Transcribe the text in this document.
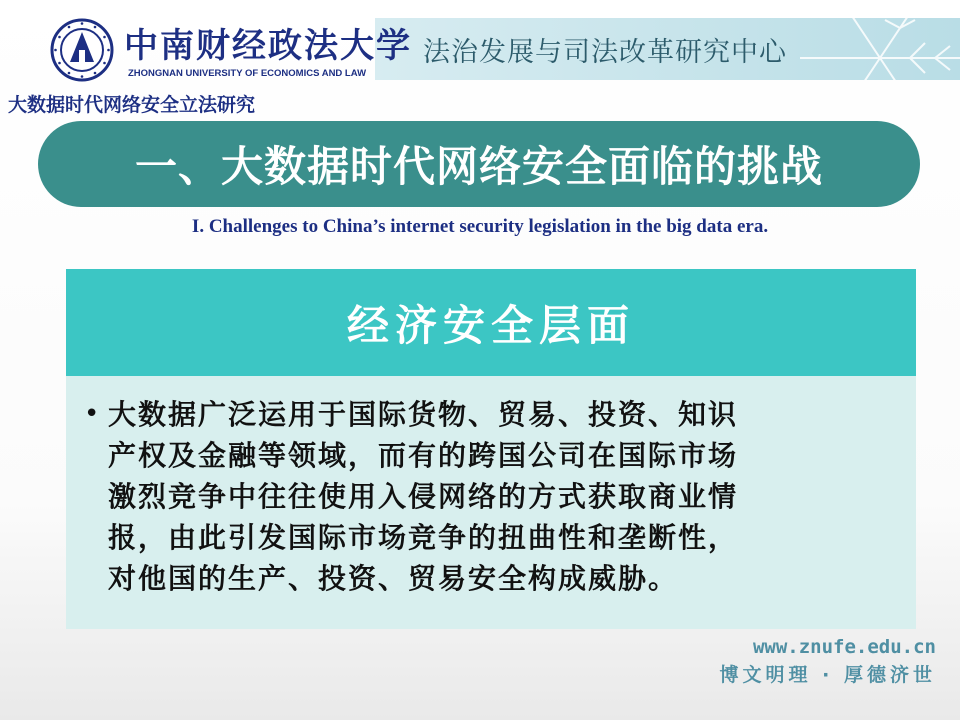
法治发展与司法改革研究中心
中南财经政法大学
ZHONGNAN UNIVERSITY OF ECONOMICS AND LAW
大数据时代网络安全立法研究
一、大数据时代网络安全面临的挑战
I. Challenges to China’s internet security legislation in the big data era.
经济安全层面
• 大数据广泛运用于国际货物、贸易、投资、知识
产权及金融等领域，而有的跨国公司在国际市场
激烈竞争中往往使用入侵网络的方式获取商业情
报，由此引发国际市场竞争的扭曲性和垄断性，
对他国的生产、投资、贸易安全构成威胁。
www.znufe.edu.cn
博文明理 · 厚德济世
